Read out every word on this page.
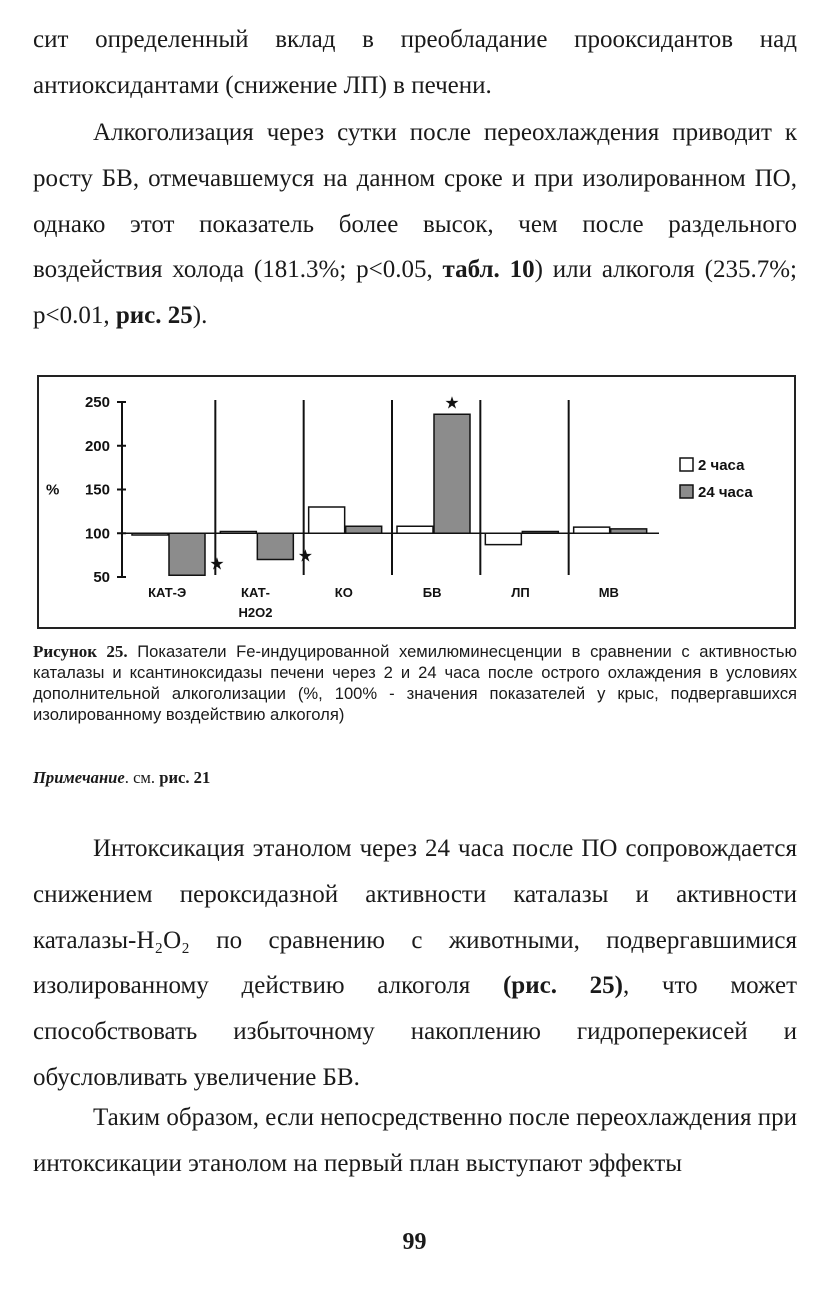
сит определенный вклад в преобладание прооксидантов над антиоксидантами (снижение ЛП) в печени.

Алкоголизация через сутки после переохлаждения приводит к росту БВ, отмечавшемуся на данном сроке и при изолированном ПО, однако этот показатель более высок, чем после раздельного воздействия холода (181.3%; p<0.05, табл. 10) или алкоголя (235.7%; p<0.01, рис. 25).

50
100
150
200
250
%
КАТ-Э	КАТ-
H2O2
КО	БВ	ЛП	МВ
★	★
★
2 часа
24 часа

Рисунок 25. Показатели Fe-индуцированной хемилюминесценции в сравнении с активностью каталазы и ксантиноксидазы печени через 2 и 24 часа после острого охлаждения в условиях дополнительной алкоголизации (%, 100% - значения показателей у крыс, подвергавшихся изолированному воздействию алкоголя)

Примечание. см. рис. 21

Интоксикация этанолом через 24 часа после ПО сопровождается снижением пероксидазной активности каталазы и активности каталазы-H₂O₂ по сравнению с животными, подвергавшимися изолированному действию алкоголя (рис. 25), что может способствовать избыточному накоплению гидроперекисей и обусловливать увеличение БВ.

Таким образом, если непосредственно после переохлаждения при интоксикации этанолом на первый план выступают эффекты

99
